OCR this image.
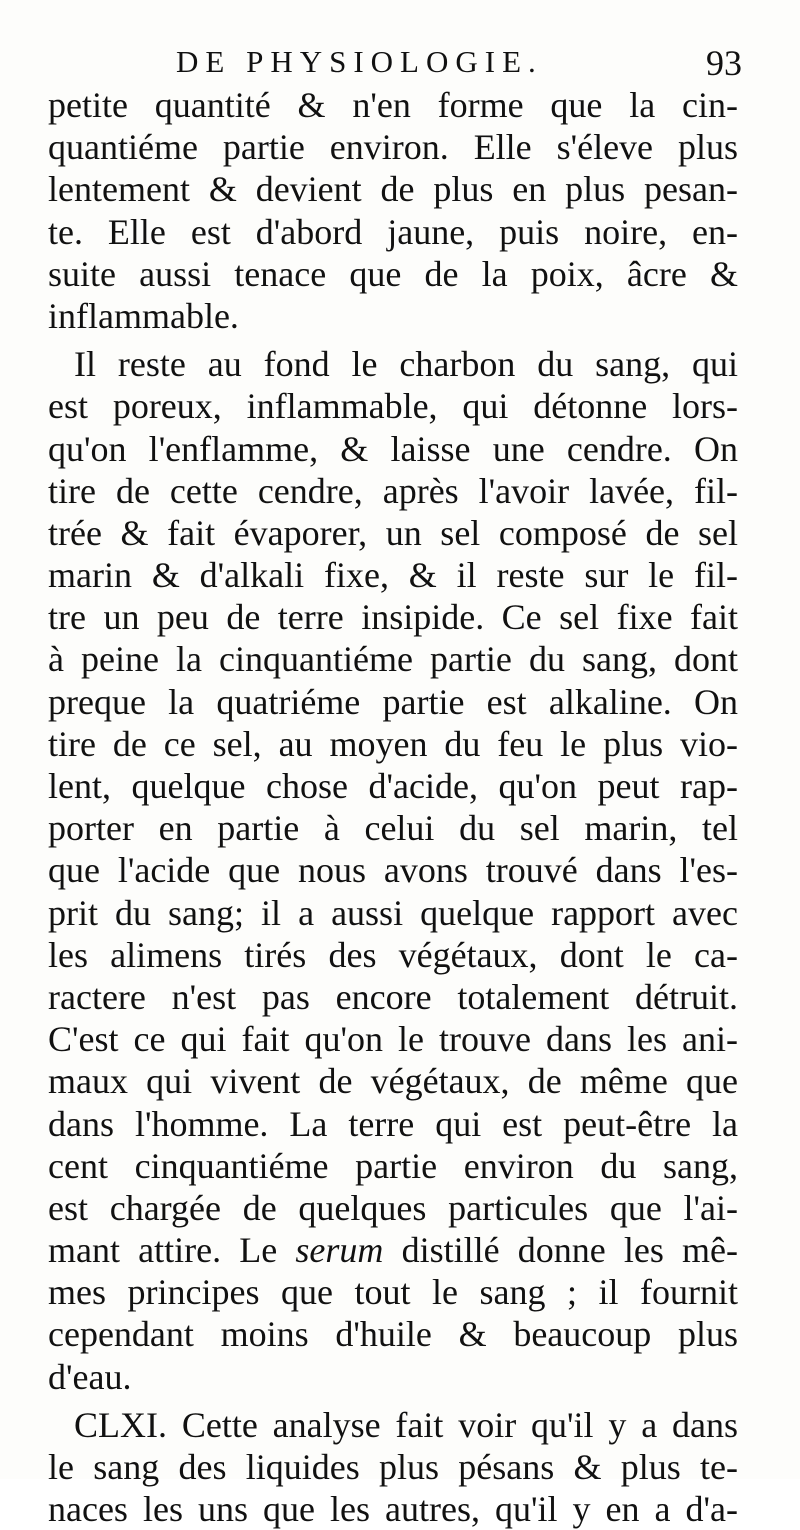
DE PHYSIOLOGIE.	93
petite quantité & n'en forme que la cin-
quantiéme partie environ. Elle s'éleve plus
lentement & devient de plus en plus pesan-
te. Elle est d'abord jaune, puis noire, en-
suite aussi tenace que de la poix, âcre &
inflammable.
Il reste au fond le charbon du sang, qui
est poreux, inflammable, qui détonne lors-
qu'on l'enflamme, & laisse une cendre. On
tire de cette cendre, après l'avoir lavée, fil-
trée & fait évaporer, un sel composé de sel
marin & d'alkali fixe, & il reste sur le fil-
tre un peu de terre insipide. Ce sel fixe fait
à peine la cinquantiéme partie du sang, dont
preque la quatriéme partie est alkaline. On
tire de ce sel, au moyen du feu le plus vio-
lent, quelque chose d'acide, qu'on peut rap-
porter en partie à celui du sel marin, tel
que l'acide que nous avons trouvé dans l'es-
prit du sang; il a aussi quelque rapport avec
les alimens tirés des végétaux, dont le ca-
ractere n'est pas encore totalement détruit.
C'est ce qui fait qu'on le trouve dans les ani-
maux qui vivent de végétaux, de même que
dans l'homme. La terre qui est peut-être la
cent cinquantiéme partie environ du sang,
est chargée de quelques particules que l'ai-
mant attire. Le serum distillé donne les mê-
mes principes que tout le sang ; il fournit
cependant moins d'huile & beaucoup plus
d'eau.
CLXI. Cette analyse fait voir qu'il y a dans
le sang des liquides plus pésans & plus te-
naces les uns que les autres, qu'il y en a d'a-
